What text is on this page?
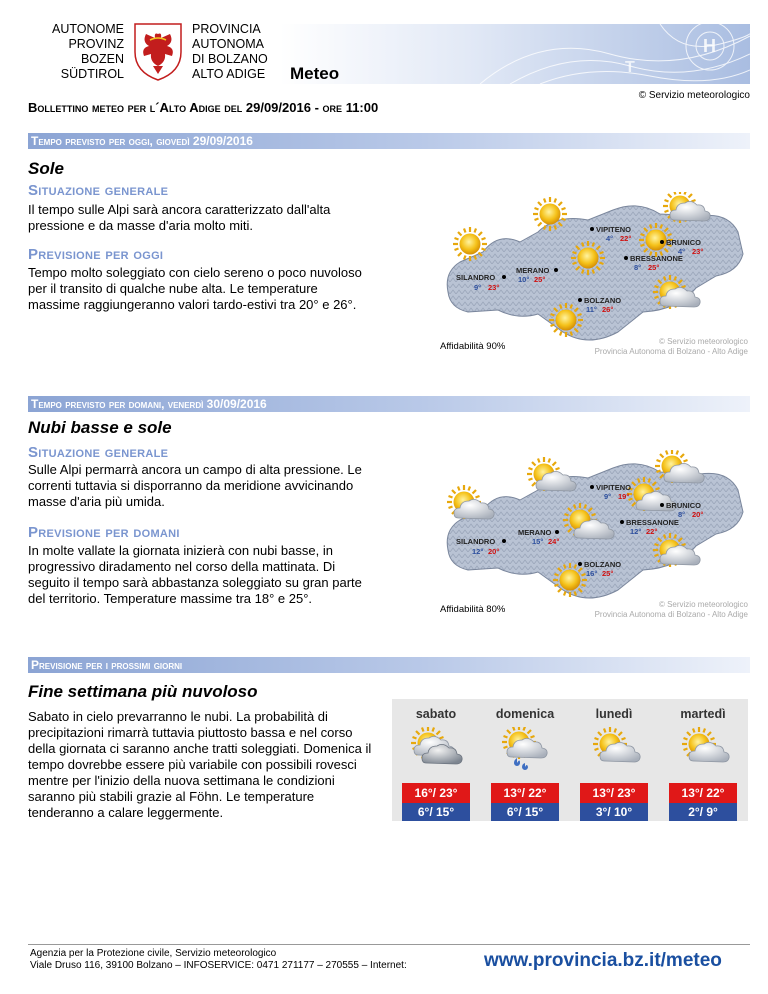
AUTONOME
PROVINZ
BOZEN
SÜDTIROL
PROVINCIA
AUTONOMA
DI BOLZANO
ALTO ADIGE
H
T
Meteo
© Servizio meteorologico
Bollettino meteo per l´Alto Adige del 29/09/2016 - ore 11:00
Tempo previsto per oggi, giovedì 29/09/2016
Sole
Situazione generale
Il tempo sulle Alpi sarà ancora caratterizzato dall'alta pressione e da masse d'aria molto miti.
Previsione per oggi
Tempo molto soleggiato con cielo sereno o poco nuvoloso per il transito di qualche nube alta. Le temperature massime raggiungeranno valori tardo-estivi tra 20° e 26°.
VIPITENO
4° 22°	BRUNICO
4° 23°
BRESSANONE
8° 25°
MERANO
10° 25°
SILANDRO
9° 23°
BOLZANO
11° 26°
Affidabilità 90%	© Servizio meteorologico
Provincia Autonoma di Bolzano - Alto Adige
Tempo previsto per domani, venerdì 30/09/2016
Nubi basse e sole
Situazione generale
Sulle Alpi permarrà ancora un campo di alta pressione. Le correnti tuttavia si disporranno da meridione avvicinando masse d'aria più umida.
Previsione per domani
In molte vallate la giornata inizierà con nubi basse, in progressivo diradamento nel corso della mattinata. Di seguito il tempo sarà abbastanza soleggiato su gran parte del territorio. Temperature massime tra 18° e 25°.
VIPITENO
9° 19°
BRUNICO
8° 20°
BRESSANONE
12° 22°
MERANO
15° 24°
SILANDRO
12° 20°
BOLZANO
16° 25°
Affidabilità 80%	© Servizio meteorologico
Provincia Autonoma di Bolzano - Alto Adige
Previsione per i prossimi giorni
Fine settimana più nuvoloso
Sabato in cielo prevarranno le nubi. La probabilità di precipitazioni rimarrà tuttavia piuttosto bassa e nel corso della giornata ci saranno anche tratti soleggiati. Domenica il tempo dovrebbe essere più variabile con possibili rovesci mentre per l'inizio della nuova settimana le condizioni saranno più stabili grazie al Föhn. Le temperature tenderanno a calare leggermente.
sabato
16°/ 23°
6°/ 15°
domenica
13°/ 22°
6°/ 15°
lunedì
13°/ 23°
3°/ 10°
martedì
13°/ 22°
2°/ 9°
Agenzia per la Protezione civile, Servizio meteorologico
Viale Druso 116, 39100 Bolzano – INFOSERVICE: 0471 271177 – 270555 – Internet:	www.provincia.bz.it/meteo
